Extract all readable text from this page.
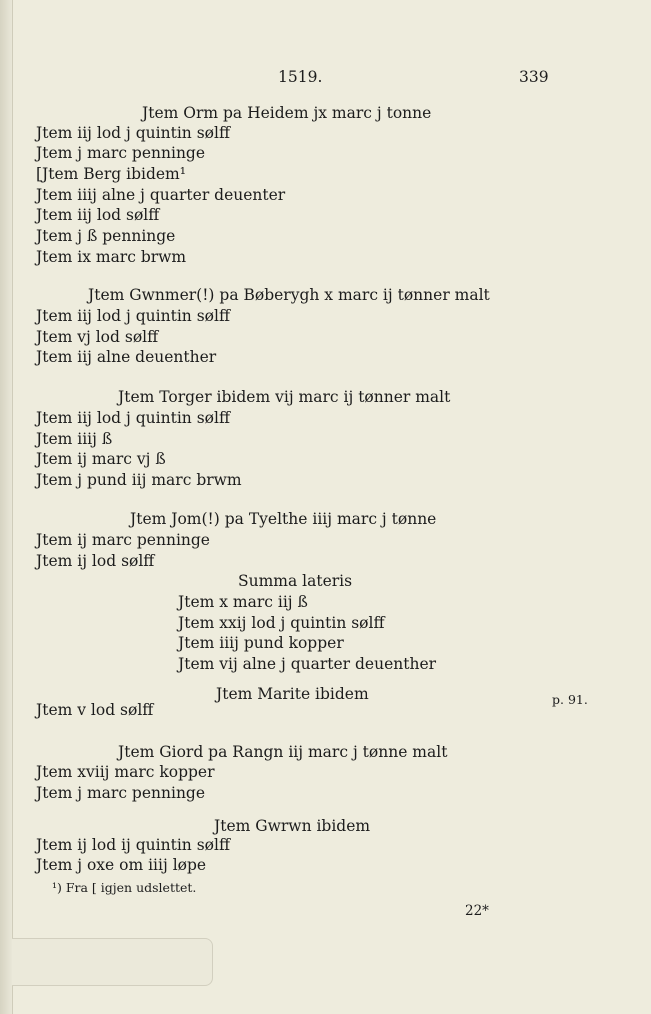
1519.	339
Jtem Orm pa Heidem jx marc j tonne
Jtem iij lod j quintin sølff
Jtem j marc penninge
[Jtem Berg ibidem¹
Jtem iiij alne j quarter deuenter
Jtem iij lod sølff
Jtem j ß penninge
Jtem ix marc brwm
Jtem Gwnmer(!) pa Bøberygh x marc ij tønner malt
Jtem iij lod j quintin sølff
Jtem vj lod sølff
Jtem iij alne deuenther
Jtem Torger ibidem vij marc ij tønner malt
Jtem iij lod j quintin sølff
Jtem iiij ß
Jtem ij marc vj ß
Jtem j pund iij marc brwm
Jtem Jom(!) pa Tyelthe iiij marc j tønne
Jtem ij marc penninge
Jtem ij lod sølff
Summa lateris
Jtem x marc iij ß
Jtem xxij lod j quintin sølff
Jtem iiij pund kopper
Jtem vij alne j quarter deuenther
Jtem Marite ibidem
Jtem v lod sølff
p. 91.
Jtem Giord pa Rangn iij marc j tønne malt
Jtem xviij marc kopper
Jtem j marc penninge
Jtem Gwrwn ibidem
Jtem ij lod ij quintin sølff
Jtem j oxe om iiij løpe
¹) Fra [ igjen udslettet.
22*
